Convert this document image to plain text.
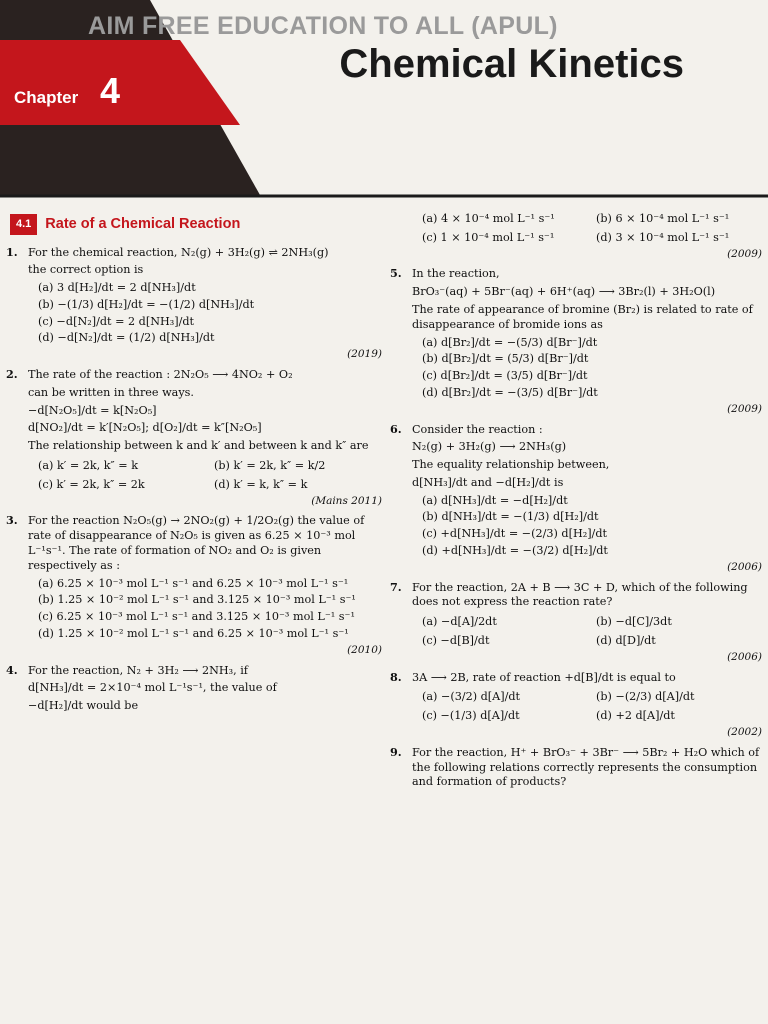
AIM FREE EDUCATION TO ALL (APUL)
Chemical Kinetics
Chapter 4
4.1 Rate of a Chemical Reaction
1. For the chemical reaction, N₂(g) + 3H₂(g) ⇌ 2NH₃(g)
the correct option is
(a) 3 d[H₂]/dt = 2 d[NH₃]/dt
(b) −(1/3) d[H₂]/dt = −(1/2) d[NH₃]/dt
(c) −d[N₂]/dt = 2 d[NH₃]/dt
(d) −d[N₂]/dt = (1/2) d[NH₃]/dt
(2019)
2. The rate of the reaction : 2N₂O₅ ⟶ 4NO₂ + O₂
can be written in three ways.
−d[N₂O₅]/dt = k[N₂O₅]
d[NO₂]/dt = k′[N₂O₅]; d[O₂]/dt = k″[N₂O₅]
The relationship between k and k′ and between k and k″ are
(a) k′ = 2k, k″ = k	(b) k′ = 2k, k″ = k/2
(c) k′ = 2k, k″ = 2k	(d) k′ = k, k″ = k
(Mains 2011)
3. For the reaction N₂O₅(g) → 2NO₂(g) + 1/2O₂(g) the value of rate of disappearance of N₂O₅ is given as 6.25 × 10⁻³ mol L⁻¹s⁻¹. The rate of formation of NO₂ and O₂ is given respectively as :
(a) 6.25 × 10⁻³ mol L⁻¹ s⁻¹ and 6.25 × 10⁻³ mol L⁻¹ s⁻¹
(b) 1.25 × 10⁻² mol L⁻¹ s⁻¹ and 3.125 × 10⁻³ mol L⁻¹ s⁻¹
(c) 6.25 × 10⁻³ mol L⁻¹ s⁻¹ and 3.125 × 10⁻³ mol L⁻¹ s⁻¹
(d) 1.25 × 10⁻² mol L⁻¹ s⁻¹ and 6.25 × 10⁻³ mol L⁻¹ s⁻¹
(2010)
4. For the reaction, N₂ + 3H₂ ⟶ 2NH₃, if
d[NH₃]/dt = 2×10⁻⁴ mol L⁻¹s⁻¹, the value of
−d[H₂]/dt would be
(a) 4 × 10⁻⁴ mol L⁻¹ s⁻¹	(b) 6 × 10⁻⁴ mol L⁻¹ s⁻¹
(c) 1 × 10⁻⁴ mol L⁻¹ s⁻¹	(d) 3 × 10⁻⁴ mol L⁻¹ s⁻¹
(2009)
5. In the reaction,
BrO₃⁻(aq) + 5Br⁻(aq) + 6H⁺(aq) ⟶ 3Br₂(l) + 3H₂O(l)
The rate of appearance of bromine (Br₂) is related to rate of disappearance of bromide ions as
(a) d[Br₂]/dt = −(5/3) d[Br⁻]/dt
(b) d[Br₂]/dt = (5/3) d[Br⁻]/dt
(c) d[Br₂]/dt = (3/5) d[Br⁻]/dt
(d) d[Br₂]/dt = −(3/5) d[Br⁻]/dt
(2009)
6. Consider the reaction :
N₂(g) + 3H₂(g) ⟶ 2NH₃(g)
The equality relationship between,
d[NH₃]/dt and −d[H₂]/dt is
(a) d[NH₃]/dt = −d[H₂]/dt
(b) d[NH₃]/dt = −(1/3) d[H₂]/dt
(c) +d[NH₃]/dt = −(2/3) d[H₂]/dt
(d) +d[NH₃]/dt = −(3/2) d[H₂]/dt
(2006)
7. For the reaction, 2A + B ⟶ 3C + D, which of the following does not express the reaction rate?
(a) −d[A]/2dt	(b) −d[C]/3dt
(c) −d[B]/dt	(d) d[D]/dt
(2006)
8. 3A ⟶ 2B, rate of reaction +d[B]/dt is equal to
(a) −(3/2) d[A]/dt	(b) −(2/3) d[A]/dt
(c) −(1/3) d[A]/dt	(d) +2 d[A]/dt
(2002)
9. For the reaction, H⁺ + BrO₃⁻ + 3Br⁻ ⟶ 5Br₂ + H₂O which of the following relations correctly represents the consumption and formation of products?
